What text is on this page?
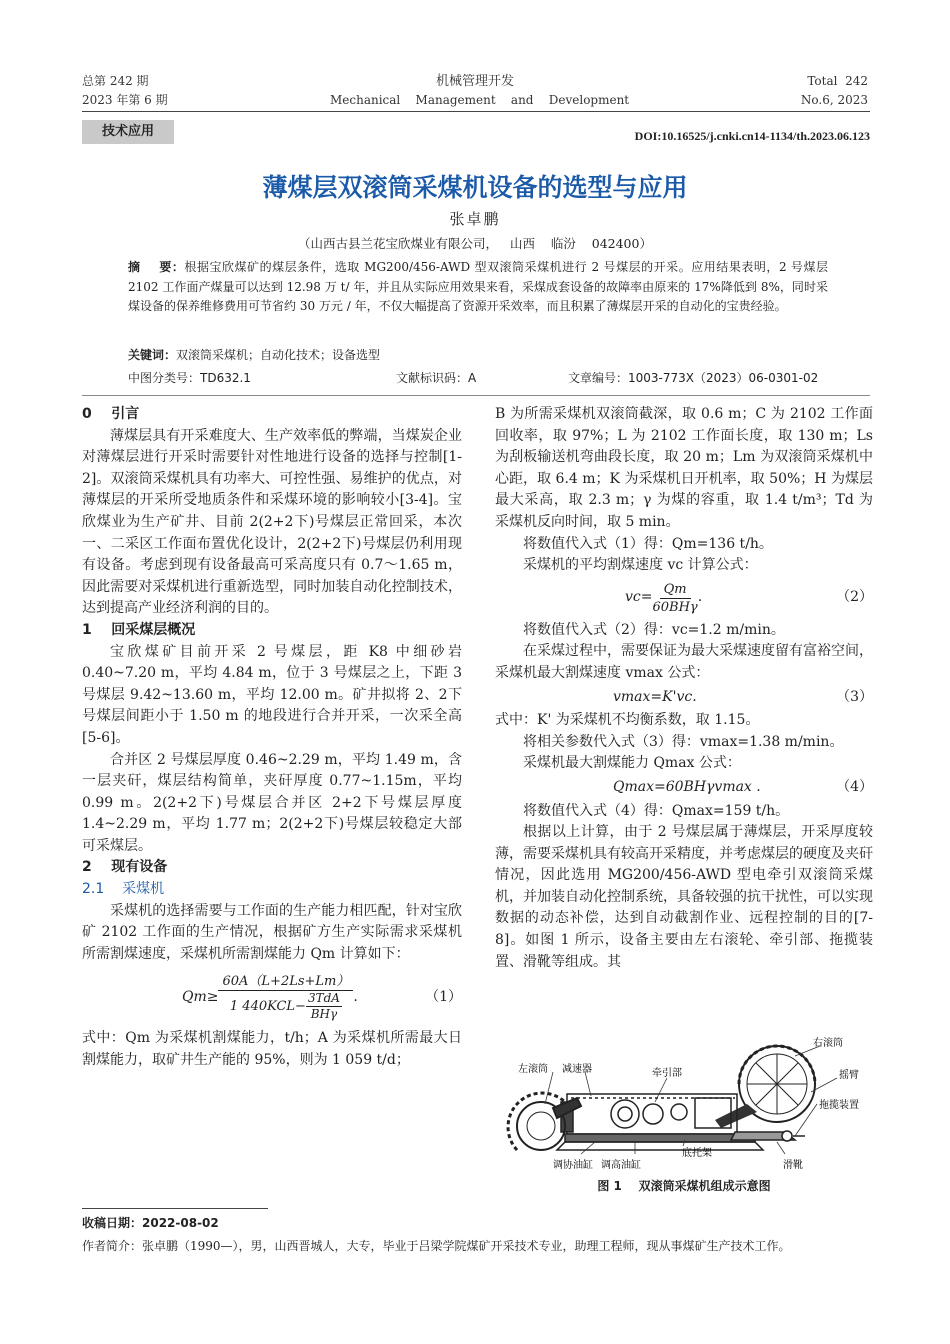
总第 242 期
2023 年第 6 期
机械管理开发
Mechanical    Management    and    Development
Total  242
No.6, 2023
技术应用	DOI:10.16525/j.cnki.cn14-1134/th.2023.06.123
薄煤层双滚筒采煤机设备的选型与应用
张卓鹏
（山西古县兰花宝欣煤业有限公司，   山西    临汾    042400）
摘    要：根据宝欣煤矿的煤层条件，选取 MG200/456-AWD 型双滚筒采煤机进行 2 号煤层的开采。应用结果表明，2 号煤层 2102 工作面产煤量可以达到 12.98 万 t/ 年，并且从实际应用效果来看，采煤成套设备的故障率由原来的 17%降低到 8%，同时采煤设备的保养维修费用可节省约 30 万元 / 年，不仅大幅提高了资源开采效率，而且积累了薄煤层开采的自动化的宝贵经验。
关键词：双滚筒采煤机；自动化技术；设备选型
中图分类号：TD632.1	文献标识码：A	文章编号：1003-773X（2023）06-0301-02
0    引言

薄煤层具有开采难度大、生产效率低的弊端，当煤炭企业对薄煤层进行开采时需要针对性地进行设备的选择与控制[1-2]。双滚筒采煤机具有功率大、可控性强、易维护的优点，对薄煤层的开采所受地质条件和采煤环境的影响较小[3-4]。宝欣煤业为生产矿井、目前 2(2+2下)号煤层正常回采，本次一、二采区工作面布置优化设计，2(2+2下)号煤层仍利用现有设备。考虑到现有设备最高可采高度只有 0.7～1.65 m，因此需要对采煤机进行重新选型，同时加装自动化控制技术，达到提高产业经济利润的目的。

1    回采煤层概况

宝欣煤矿目前开采 2 号煤层，距 K8 中细砂岩 0.40~7.20 m，平均 4.84 m，位于 3 号煤层之上，下距 3 号煤层 9.42~13.60 m，平均 12.00 m。矿井拟将 2、2下号煤层间距小于 1.50 m 的地段进行合并开采，一次采全高[5-6]。

合并区 2 号煤层厚度 0.46~2.29 m，平均 1.49 m，含一层夹矸，煤层结构简单，夹矸厚度 0.77~1.15m，平均 0.99 m。2(2+2下)号煤层合并区 2+2下号煤层厚度 1.4~2.29 m，平均 1.77 m；2(2+2下)号煤层较稳定大部可采煤层。

2    现有设备
2.1    采煤机

采煤机的选择需要与工作面的生产能力相匹配，针对宝欣矿 2102 工作面的生产情况，根据矿方生产实际需求采煤机所需割煤速度，采煤机所需割煤能力 Qm 计算如下：

Qm≥
60A（L+2Ls+Lm）
1 440KCL−
3TdA
BHγ
.	（1）

式中：Qm 为采煤机割煤能力，t/h；A 为采煤机所需最大日割煤能力，取矿井生产能的 95%，则为 1 059 t/d；

B 为所需采煤机双滚筒截深，取 0.6 m；C 为 2102 工作面回收率，取 97%；L 为 2102 工作面长度，取 130 m；Ls 为刮板输送机弯曲段长度，取 20 m；Lm 为双滚筒采煤机中心距，取 6.4 m；K 为采煤机日开机率，取 50%；H 为煤层最大采高，取 2.3 m；γ 为煤的容重，取 1.4 t/m³；Td 为采煤机反向时间，取 5 min。

将数值代入式（1）得：Qm=136 t/h。

采煤机的平均割煤速度 vc 计算公式：

vc=
Qm
60BHγ
.	（2）

将数值代入式（2）得：vc=1.2 m/min。

在采煤过程中，需要保证为最大采煤速度留有富裕空间，采煤机最大割煤速度 vmax 公式：

vmax=K'vc.	（3）

式中：K' 为采煤机不均衡系数，取 1.15。

将相关参数代入式（3）得：vmax=1.38 m/min。

采煤机最大割煤能力 Qmax 公式：

Qmax=60BHγvmax .	（4）

将数值代入式（4）得：Qmax=159 t/h。

根据以上计算，由于 2 号煤层属于薄煤层，开采厚度较薄，需要采煤机具有较高开采精度，并考虑煤层的硬度及夹矸情况，因此选用 MG200/456-AWD 型电牵引双滚筒采煤机，并加装自动化控制系统，具备较强的抗干扰性，可以实现数据的动态补偿，达到自动截割作业、远程控制的目的[7-8]。如图 1 所示，设备主要由左右滚轮、牵引部、拖揽装置、滑靴等组成。其

右滚筒
左滚筒 减速器	牵引部	摇臂
拖揽装置
底托架
滑靴
调协油缸 调高油缸
图 1    双滚筒采煤机组成示意图
收稿日期：2022-08-02
作者简介：张卓鹏（1990—），男，山西晋城人，大专，毕业于吕梁学院煤矿开采技术专业，助理工程师，现从事煤矿生产技术工作。
